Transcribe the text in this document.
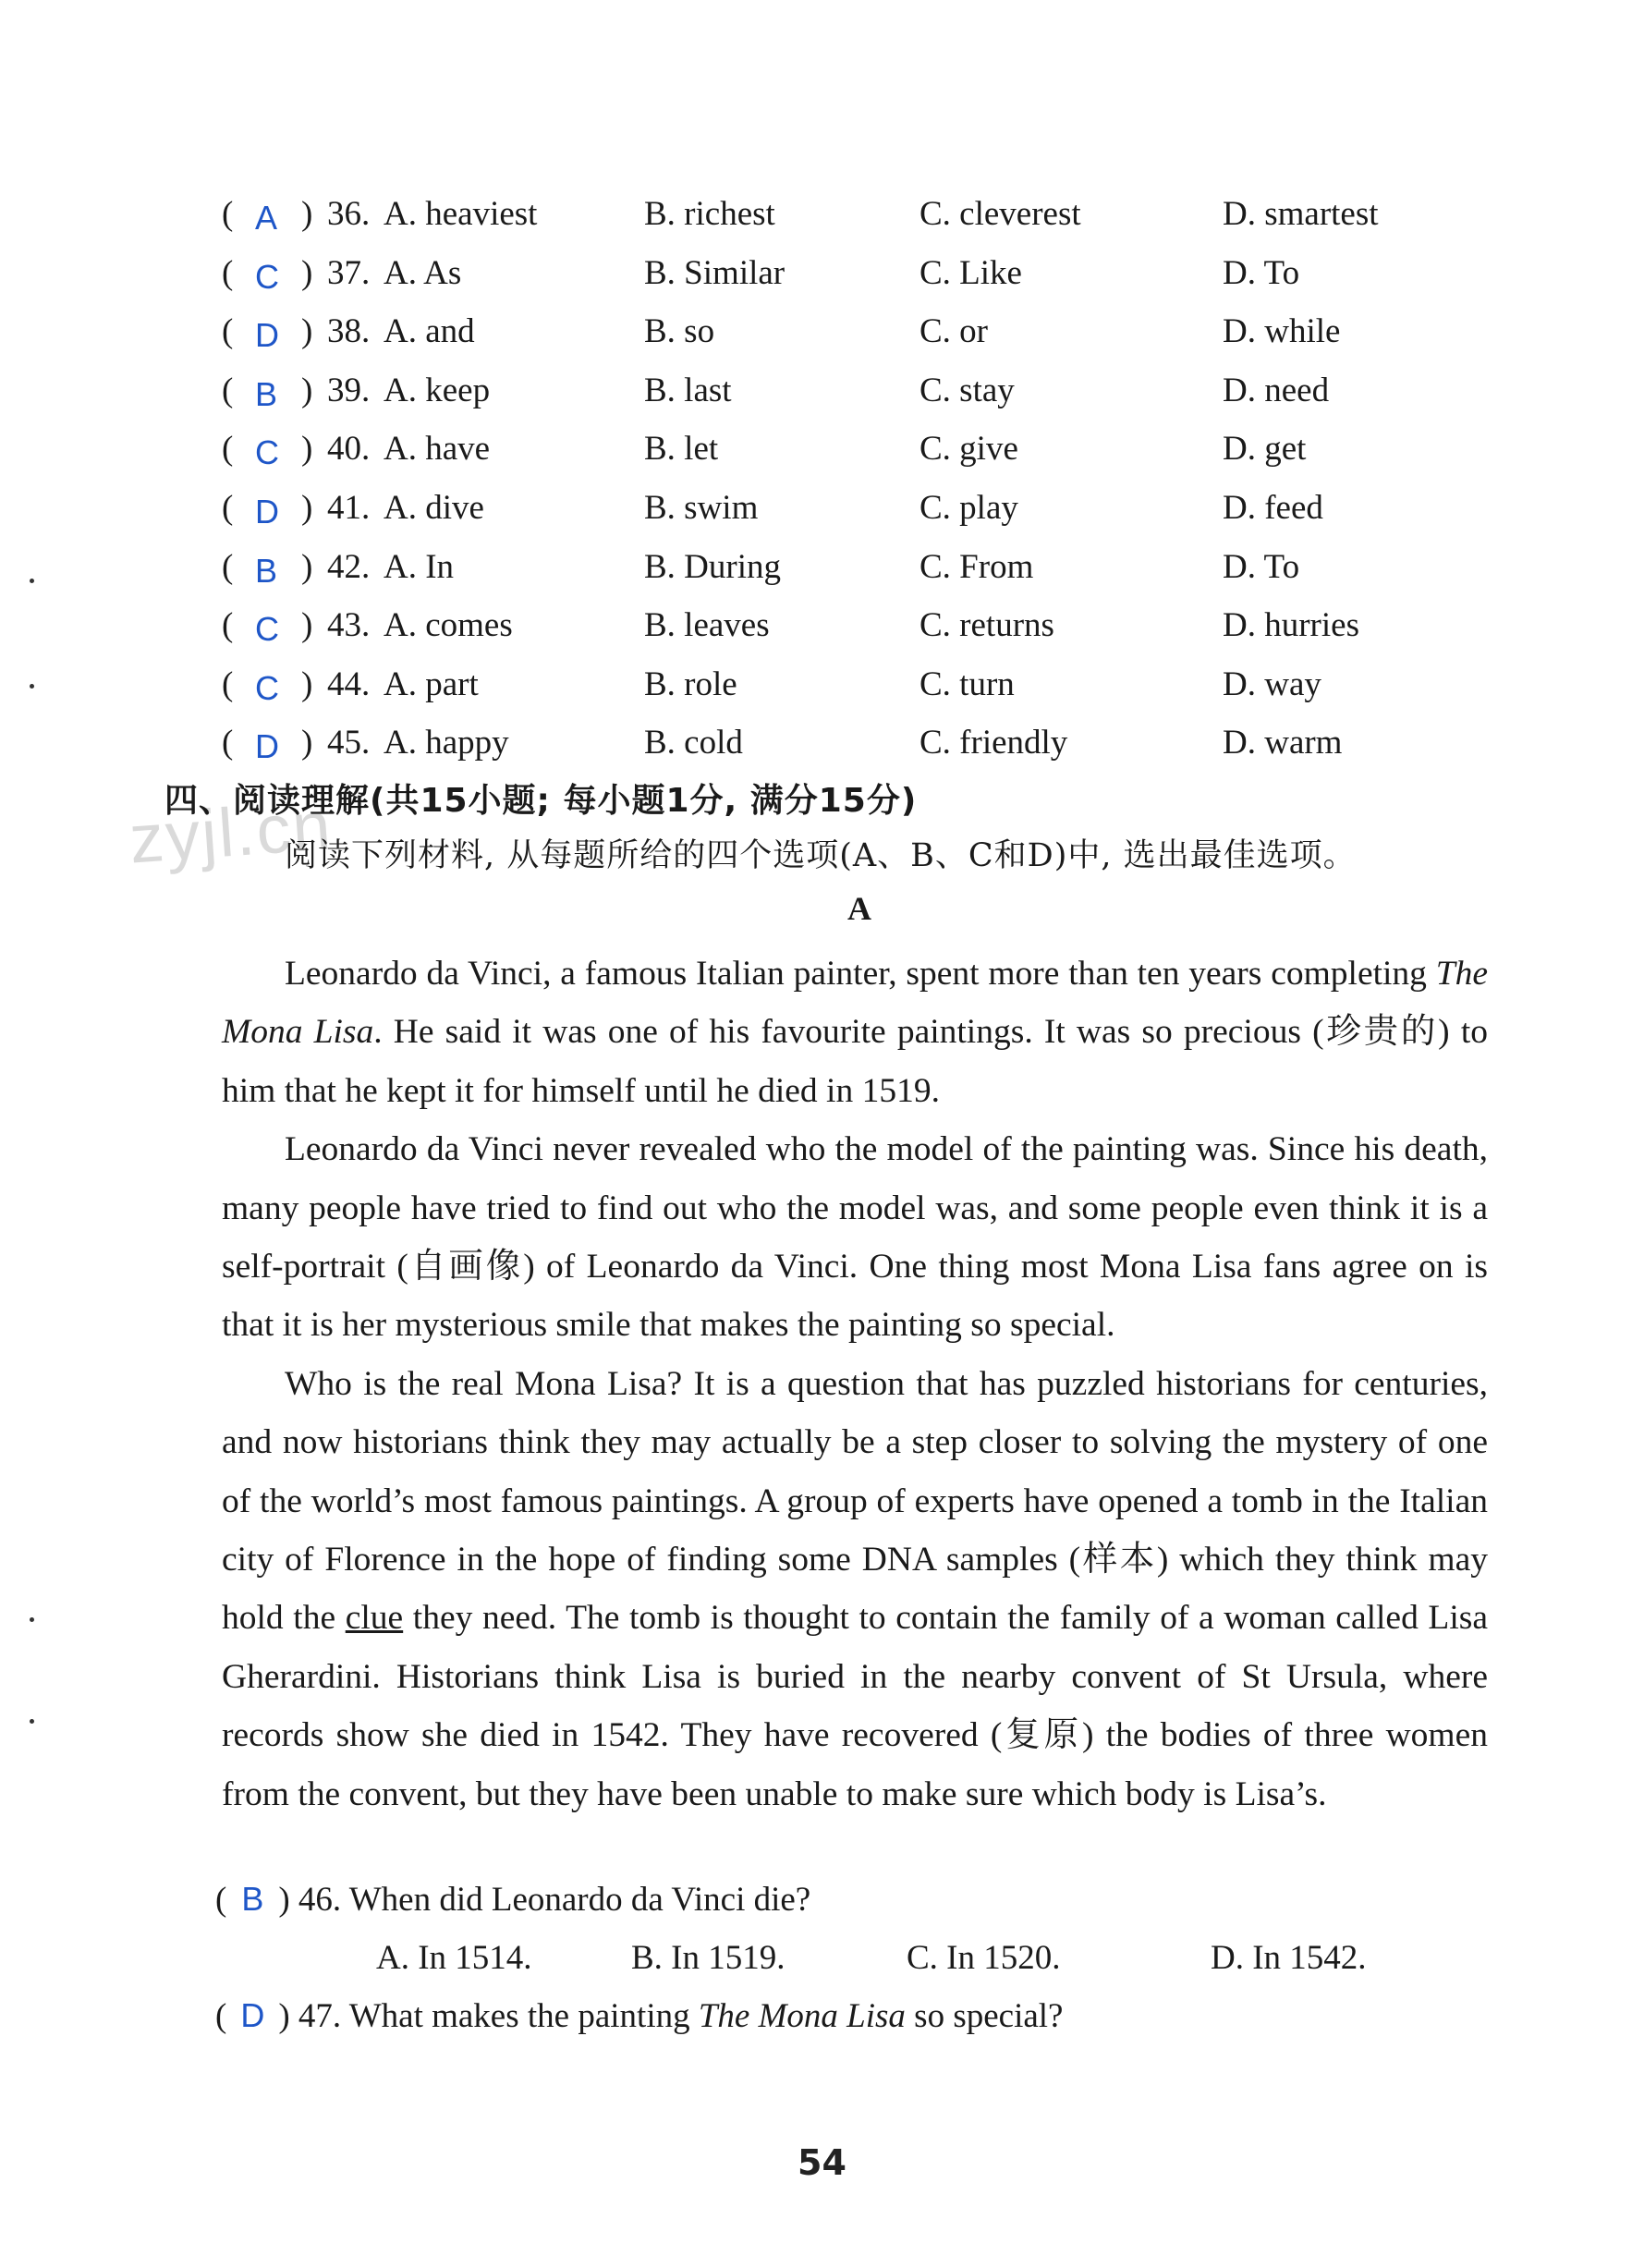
( A ) 36. A. heaviest	B. richest	C. cleverest	D. smartest
( C ) 37. A. As	B. Similar	C. Like	D. To
( D ) 38. A. and	B. so	C. or	D. while
( B ) 39. A. keep	B. last	C. stay	D. need
( C ) 40. A. have	B. let	C. give	D. get
( D ) 41. A. dive	B. swim	C. play	D. feed
( B ) 42. A. In	B. During	C. From	D. To
( C ) 43. A. comes	B. leaves	C. returns	D. hurries
( C ) 44. A. part	B. role	C. turn	D. way
( D ) 45. A. happy	B. cold	C. friendly	D. warm
zyjl.cn
四、阅读理解(共15小题; 每小题1分, 满分15分)
阅读下列材料, 从每题所给的四个选项(A、B、C和D)中, 选出最佳选项。
A

Leonardo da Vinci, a famous Italian painter, spent more than ten years completing The Mona Lisa. He said it was one of his favourite paintings. It was so precious (珍贵的) to him that he kept it for himself until he died in 1519.

Leonardo da Vinci never revealed who the model of the painting was. Since his death, many people have tried to find out who the model was, and some people even think it is a self-portrait (自画像) of Leonardo da Vinci. One thing most Mona Lisa fans agree on is that it is her mysterious smile that makes the painting so special.

Who is the real Mona Lisa? It is a question that has puzzled historians for centuries, and now historians think they may actually be a step closer to solving the mystery of one of the world’s most famous paintings. A group of experts have opened a tomb in the Italian city of Florence in the hope of finding some DNA samples (样本) which they think may hold the clue they need. The tomb is thought to contain the family of a woman called Lisa Gherardini. Historians think Lisa is buried in the nearby convent of St Ursula, where records show she died in 1542. They have recovered (复原) the bodies of three women from the convent, but they have been unable to make sure which body is Lisa’s.

( B ) 46. When did Leonardo da Vinci die?
A. In 1514.	B. In 1519.	C. In 1520.	D. In 1542.
( D ) 47. What makes the painting The Mona Lisa so special?
54
